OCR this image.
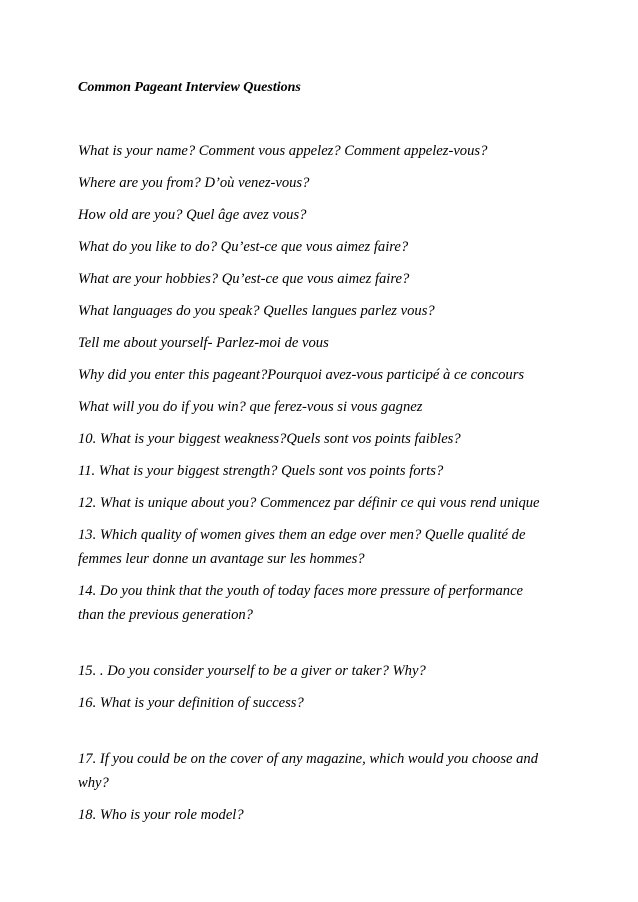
Common Pageant Interview Questions
What is your name? Comment vous appelez? Comment appelez-vous?
Where are you from? D’où venez-vous?
How old are you? Quel âge avez vous?
What do you like to do? Qu’est-ce que vous aimez faire?
What are your hobbies? Qu’est-ce que vous aimez faire?
What languages do you speak? Quelles langues parlez vous?
Tell me about yourself- Parlez-moi de vous
Why did you enter this pageant?Pourquoi avez-vous participé à ce concours
What will you do if you win? que ferez-vous si vous gagnez
10. What is your biggest weakness?Quels sont vos points faibles?
11. What is your biggest strength? Quels sont vos points forts?
12. What is unique about you? Commencez par définir ce qui vous rend unique
13. Which quality of women gives them an edge over men? Quelle qualité de
femmes leur donne un avantage sur les hommes?
14. Do you think that the youth of today faces more pressure of performance
than the previous generation?
15. . Do you consider yourself to be a giver or taker? Why?
16. What is your definition of success?
17. If you could be on the cover of any magazine, which would you choose and
why?
18. Who is your role model?
